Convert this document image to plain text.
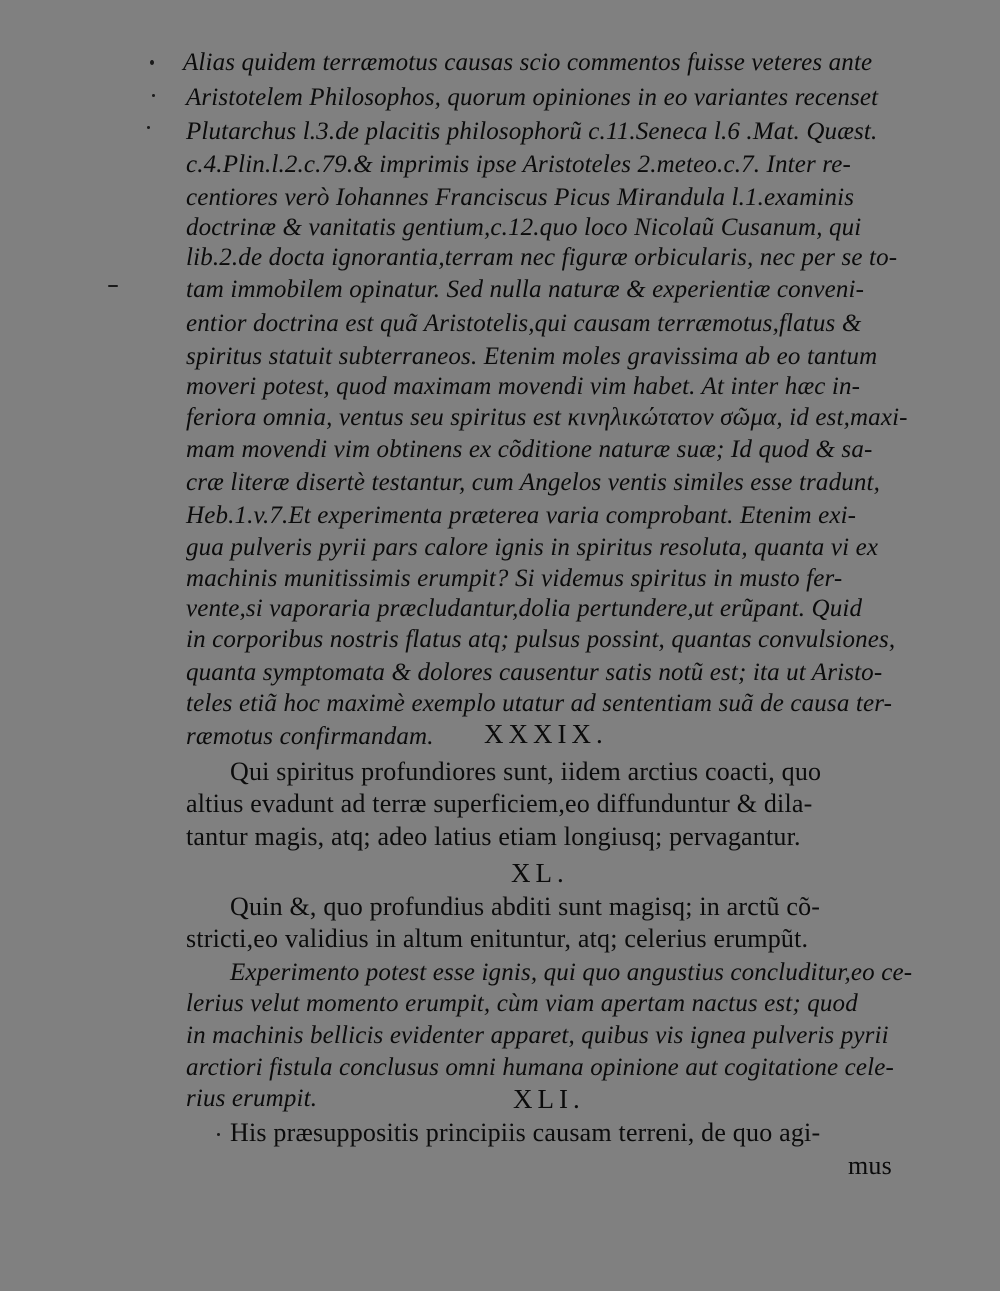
Alias quidem terræmotus causas scio commentos fuisse veteres ante
Aristotelem Philosophos, quorum opiniones in eo variantes recenset
Plutarchus l.3.de placitis philosophorũ c.11.Seneca l.6 .Mat. Quæst.
c.4.Plin.l.2.c.79.& imprimis ipse Aristoteles 2.meteo.c.7. Inter re-
centiores verò Iohannes Franciscus Picus Mirandula l.1.examinis
doctrinæ & vanitatis gentium,c.12.quo loco Nicolaũ Cusanum, qui
lib.2.de docta ignorantia,terram nec figuræ orbicularis, nec per se to-
tam immobilem opinatur. Sed nulla naturæ & experientiæ conveni-
entior doctrina est quã Aristotelis,qui causam terræmotus,flatus &
spiritus statuit subterraneos. Etenim moles gravissima ab eo tantum
moveri potest, quod maximam movendi vim habet. At inter hæc in-
feriora omnia, ventus seu spiritus est κινηλικώτατον σῶμα, id est,maxi-
mam movendi vim obtinens ex cõditione naturæ suæ; Id quod & sa-
cræ literæ disertè testantur, cum Angelos ventis similes esse tradunt,
Heb.1.v.7.Et experimenta præterea varia comprobant. Etenim exi-
gua pulveris pyrii pars calore ignis in spiritus resoluta, quanta vi ex
machinis munitissimis erumpit? Si videmus spiritus in musto fer-
vente,si vaporaria præcludantur,dolia pertundere,ut erũpant. Quid
in corporibus nostris flatus atq; pulsus possint, quantas convulsiones,
quanta symptomata & dolores causentur satis notũ est; ita ut Aristo-
teles etiã hoc maximè exemplo utatur ad sententiam suã de causa ter-
ræmotus confirmandam. XXXIX.
Qui spiritus profundiores sunt, iidem arctius coacti, quo
altius evadunt ad terræ superficiem,eo diffunduntur & dila-
tantur magis, atq; adeo latius etiam longiusq; pervagantur.
XL.
Quin &, quo profundius abditi sunt magisq; in arctũ cõ-
stricti,eo validius in altum enituntur, atq; celerius erumpũt.
Experimento potest esse ignis, qui quo angustius concluditur,eo ce-
lerius velut momento erumpit, cùm viam apertam nactus est; quod
in machinis bellicis evidenter apparet, quibus vis ignea pulveris pyrii
arctiori fistula conclusus omni humana opinione aut cogitatione cele-
rius erumpit.	XLI.
His præsuppositis principiis causam terreni, de quo agi-
mus
